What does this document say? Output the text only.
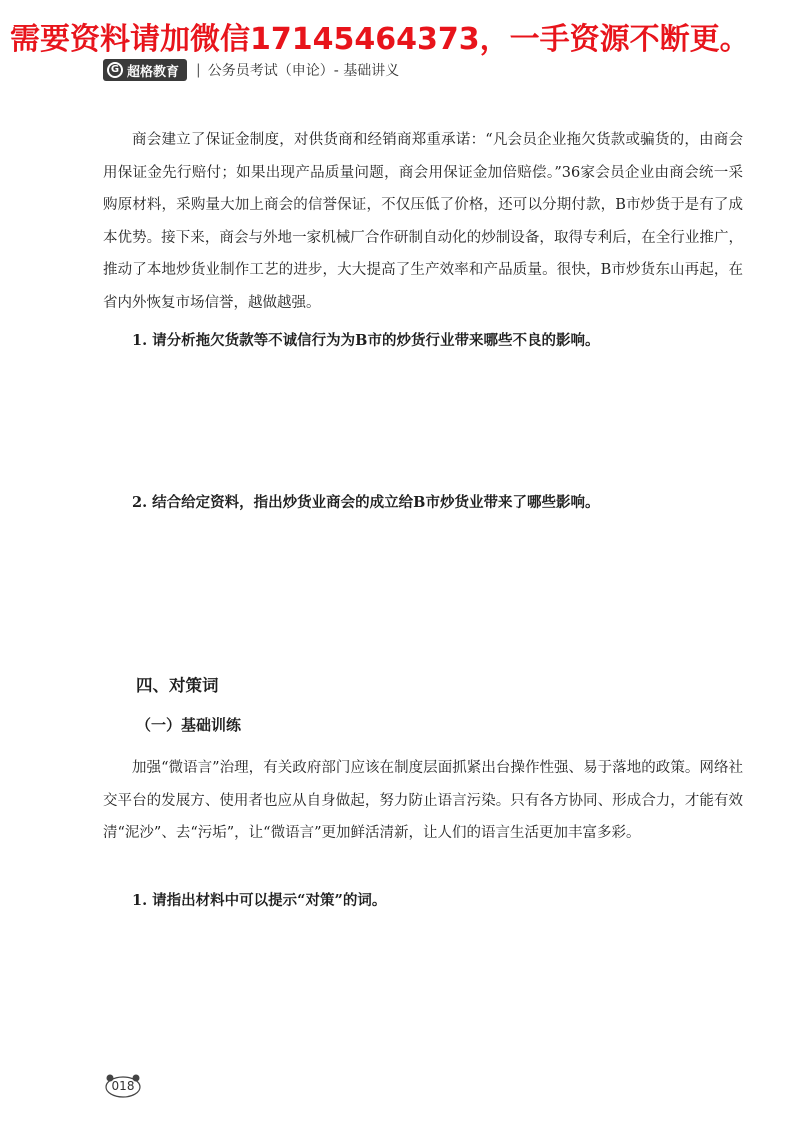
需要资料请加微信17145464373，一手资源不断更。
G 超格教育 | 公务员考试（申论）- 基础讲义

商会建立了保证金制度，对供货商和经销商郑重承诺：“凡会员企业拖欠货款或骗货的，由商会用保证金先行赔付；如果出现产品质量问题，商会用保证金加倍赔偿。”36家会员企业由商会统一采购原材料，采购量大加上商会的信誉保证，不仅压低了价格，还可以分期付款，B市炒货于是有了成本优势。接下来，商会与外地一家机械厂合作研制自动化的炒制设备，取得专利后，在全行业推广，推动了本地炒货业制作工艺的进步，大大提高了生产效率和产品质量。很快，B市炒货东山再起，在省内外恢复市场信誉，越做越强。

1. 请分析拖欠货款等不诚信行为为B市的炒货行业带来哪些不良的影响。
2. 结合给定资料，指出炒货业商会的成立给B市炒货业带来了哪些影响。
四、对策词
（一）基础训练

加强“微语言”治理，有关政府部门应该在制度层面抓紧出台操作性强、易于落地的政策。网络社交平台的发展方、使用者也应从自身做起，努力防止语言污染。只有各方协同、形成合力，才能有效清“泥沙”、去“污垢”，让“微语言”更加鲜活清新，让人们的语言生活更加丰富多彩。

1. 请指出材料中可以提示“对策”的词。
018
